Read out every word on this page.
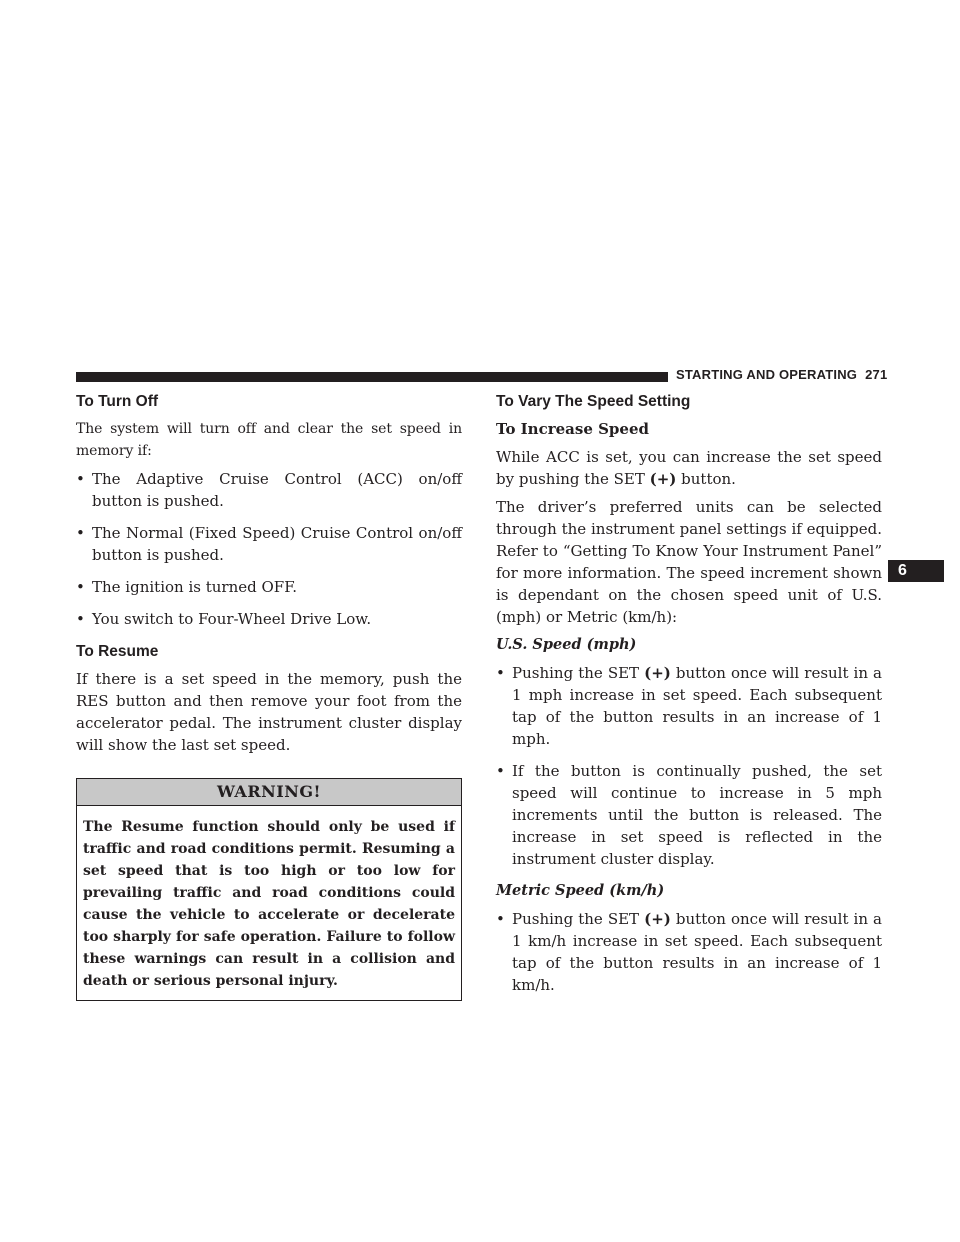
STARTING AND OPERATING 271
6
To Turn Off

The system will turn off and clear the set speed in memory if:

• The Adaptive Cruise Control (ACC) on/off button is pushed.
• The Normal (Fixed Speed) Cruise Control on/off button is pushed.
• The ignition is turned OFF.
• You switch to Four-Wheel Drive Low.
To Resume

If there is a set speed in the memory, push the RES button and then remove your foot from the accelerator pedal. The instrument cluster display will show the last set speed.

WARNING!
The Resume function should only be used if traffic and road conditions permit. Resuming a set speed that is too high or too low for prevailing traffic and road conditions could cause the vehicle to accelerate or decelerate too sharply for safe operation. Failure to follow these warnings can result in a collision and death or serious personal injury.
To Vary The Speed Setting
To Increase Speed

While ACC is set, you can increase the set speed by pushing the SET (+) button.

The driver’s preferred units can be selected through the instrument panel settings if equipped. Refer to “Getting To Know Your Instrument Panel” for more information. The speed increment shown is dependant on the chosen speed unit of U.S. (mph) or Metric (km/h):

U.S. Speed (mph)
• Pushing the SET (+) button once will result in a 1 mph increase in set speed. Each subsequent tap of the button results in an increase of 1 mph.
• If the button is continually pushed, the set speed will continue to increase in 5 mph increments until the button is released. The increase in set speed is reflected in the instrument cluster display.
Metric Speed (km/h)
• Pushing the SET (+) button once will result in a 1 km/h increase in set speed. Each subsequent tap of the button results in an increase of 1 km/h.
